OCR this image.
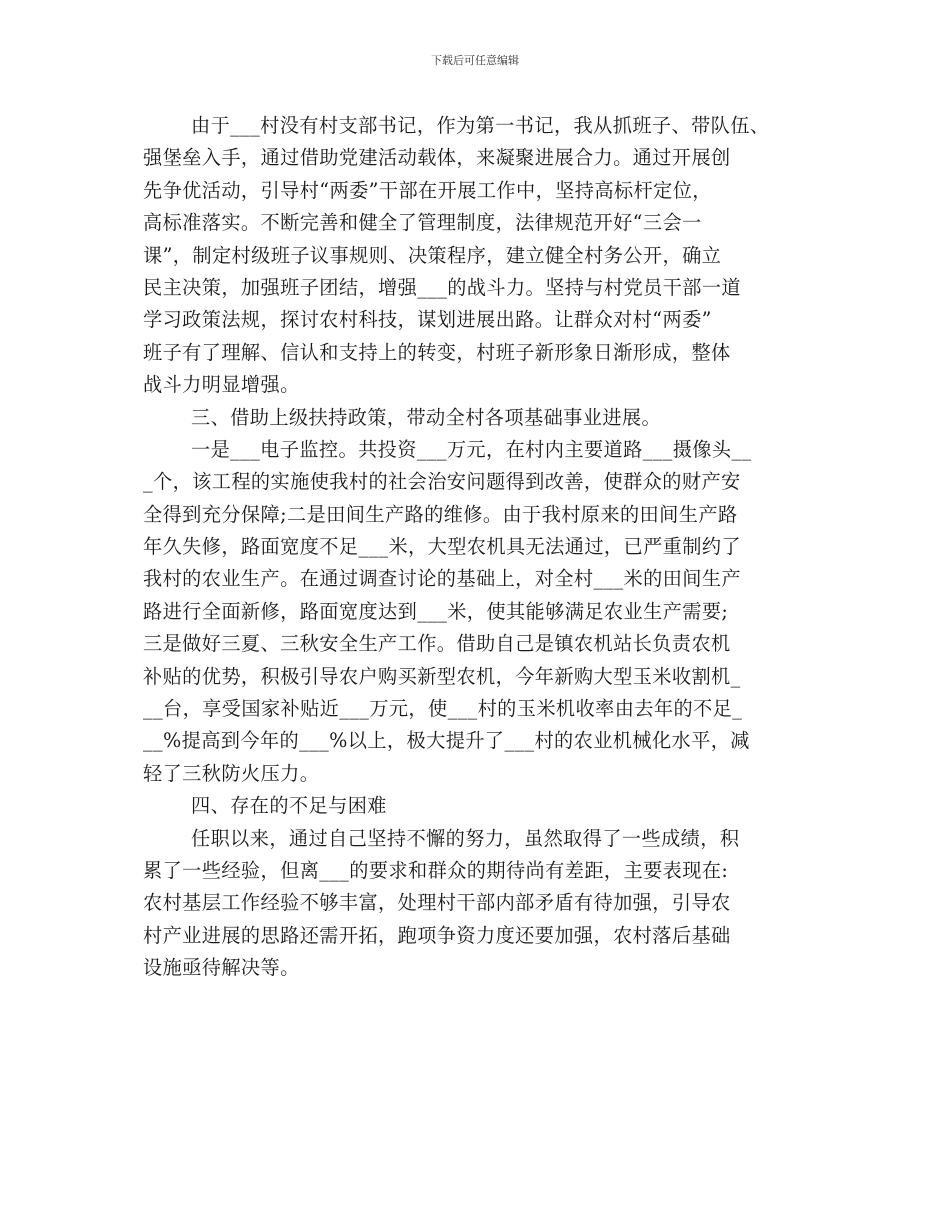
下载后可任意编辑
由于___村没有村支部书记，作为第一书记，我从抓班子、带队伍、
强堡垒入手，通过借助党建活动载体，来凝聚进展合力。通过开展创
先争优活动，引导村“两委”干部在开展工作中，坚持高标杆定位，
高标准落实。不断完善和健全了管理制度，法律规范开好“三会一
课”，制定村级班子议事规则、决策程序，建立健全村务公开，确立
民主决策，加强班子团结，增强___的战斗力。坚持与村党员干部一道
学习政策法规，探讨农村科技，谋划进展出路。让群众对村“两委”
班子有了理解、信认和支持上的转变，村班子新形象日渐形成，整体
战斗力明显增强。
三、借助上级扶持政策，带动全村各项基础事业进展。
一是___电子监控。共投资___万元，在村内主要道路___摄像头__
_个，该工程的实施使我村的社会治安问题得到改善，使群众的财产安
全得到充分保障;二是田间生产路的维修。由于我村原来的田间生产路
年久失修，路面宽度不足___米，大型农机具无法通过，已严重制约了
我村的农业生产。在通过调查讨论的基础上，对全村___米的田间生产
路进行全面新修，路面宽度达到___米，使其能够满足农业生产需要;
三是做好三夏、三秋安全生产工作。借助自己是镇农机站长负责农机
补贴的优势，积极引导农户购买新型农机，今年新购大型玉米收割机_
__台，享受国家补贴近___万元，使___村的玉米机收率由去年的不足_
__%提高到今年的___%以上，极大提升了___村的农业机械化水平，减
轻了三秋防火压力。
四、存在的不足与困难
任职以来，通过自己坚持不懈的努力，虽然取得了一些成绩，积
累了一些经验，但离___的要求和群众的期待尚有差距，主要表现在:
农村基层工作经验不够丰富，处理村干部内部矛盾有待加强，引导农
村产业进展的思路还需开拓，跑项争资力度还要加强，农村落后基础
设施亟待解决等。
